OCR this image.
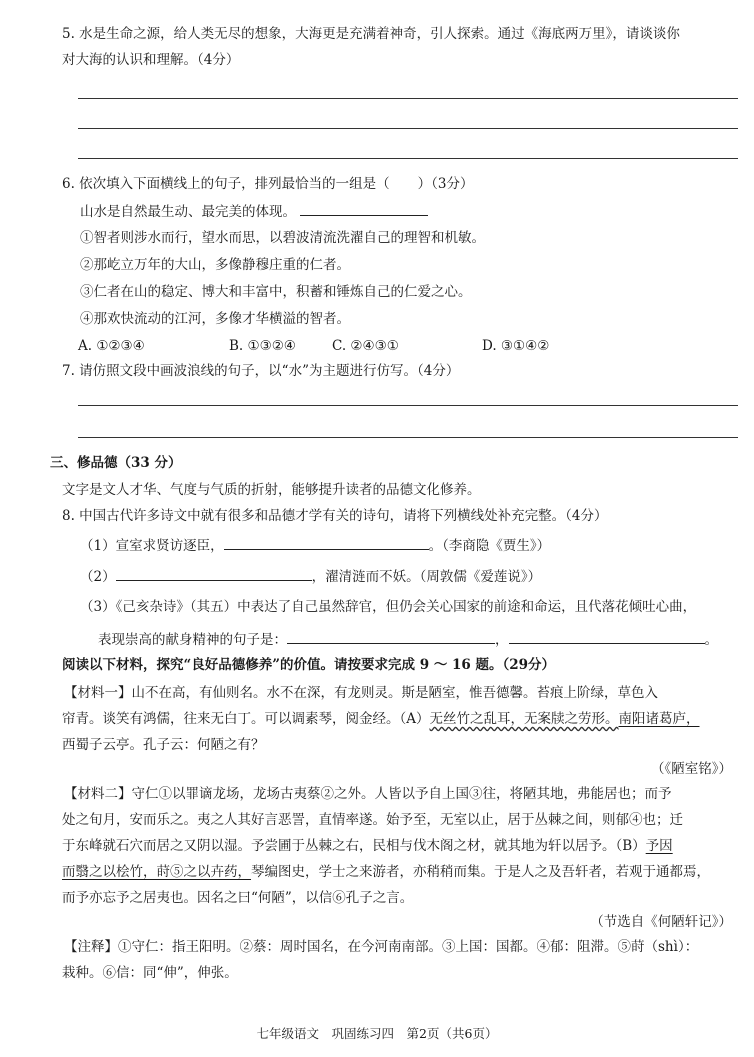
5. 水是生命之源，给人类无尽的想象，大海更是充满着神奇，引人探索。通过《海底两万里》，请谈谈你
对大海的认识和理解。（4分）
6. 依次填入下面横线上的句子，排列最恰当的一组是（ ）（3分）
山水是自然最生动、最完美的体现。
①智者则涉水而行，望水而思，以碧波清流洗濯自己的理智和机敏。
②那屹立万年的大山，多像静穆庄重的仁者。
③仁者在山的稳定、博大和丰富中，积蓄和锤炼自己的仁爱之心。
④那欢快流动的江河，多像才华横溢的智者。
A. ①②③④	B. ①③②④	C. ②④③①	D. ③①④②
7. 请仿照文段中画波浪线的句子，以“水”为主题进行仿写。（4分）
三、修品德（33 分）
文字是文人才华、气度与气质的折射，能够提升读者的品德文化修养。
8. 中国古代许多诗文中就有很多和品德才学有关的诗句，请将下列横线处补充完整。（4分）
（1）宣室求贤访逐臣，	。（李商隐《贾生》）
（2）	，濯清涟而不妖。（周敦儒《爱莲说》）
（3）《己亥杂诗》（其五）中表达了自己虽然辞官，但仍会关心国家的前途和命运，且代落花倾吐心曲，
表现崇高的献身精神的句子是：	，	。
阅读以下材料，探究“良好品德修养”的价值。请按要求完成 9 ～ 16 题。（29分）
【材料一】山不在高，有仙则名。水不在深，有龙则灵。斯是陋室，惟吾德馨。苔痕上阶绿，草色入
帘青。谈笑有鸿儒，往来无白丁。可以调素琴，阅金经。（A）无丝竹之乱耳，无案牍之劳形。南阳诸葛庐，
西蜀子云亭。孔子云：何陋之有？
（《陋室铭》）
【材料二】守仁①以罪谪龙场，龙场古夷蔡②之外。人皆以予自上国③往，将陋其地，弗能居也；而予
处之旬月，安而乐之。夷之人其好言恶詈，直情率遂。始予至，无室以止，居于丛棘之间，则郁④也；迁
于东峰就石穴而居之又阴以湿。予尝圃于丛棘之右，民相与伐木阁之材，就其地为轩以居予。（B）予因
而翳之以桧竹，莳⑤之以卉药，琴编图史，学士之来游者，亦稍稍而集。于是人之及吾轩者，若观于通都焉，
而予亦忘予之居夷也。因名之曰“何陋”，以信⑥孔子之言。
（节选自《何陋轩记》）
【注释】①守仁：指王阳明。②蔡：周时国名，在今河南南部。③上国：国都。④郁：阻滞。⑤莳（shì）：
栽种。⑥信：同“伸”，伸张。
七年级语文　巩固练习四　第2页（共6页）
